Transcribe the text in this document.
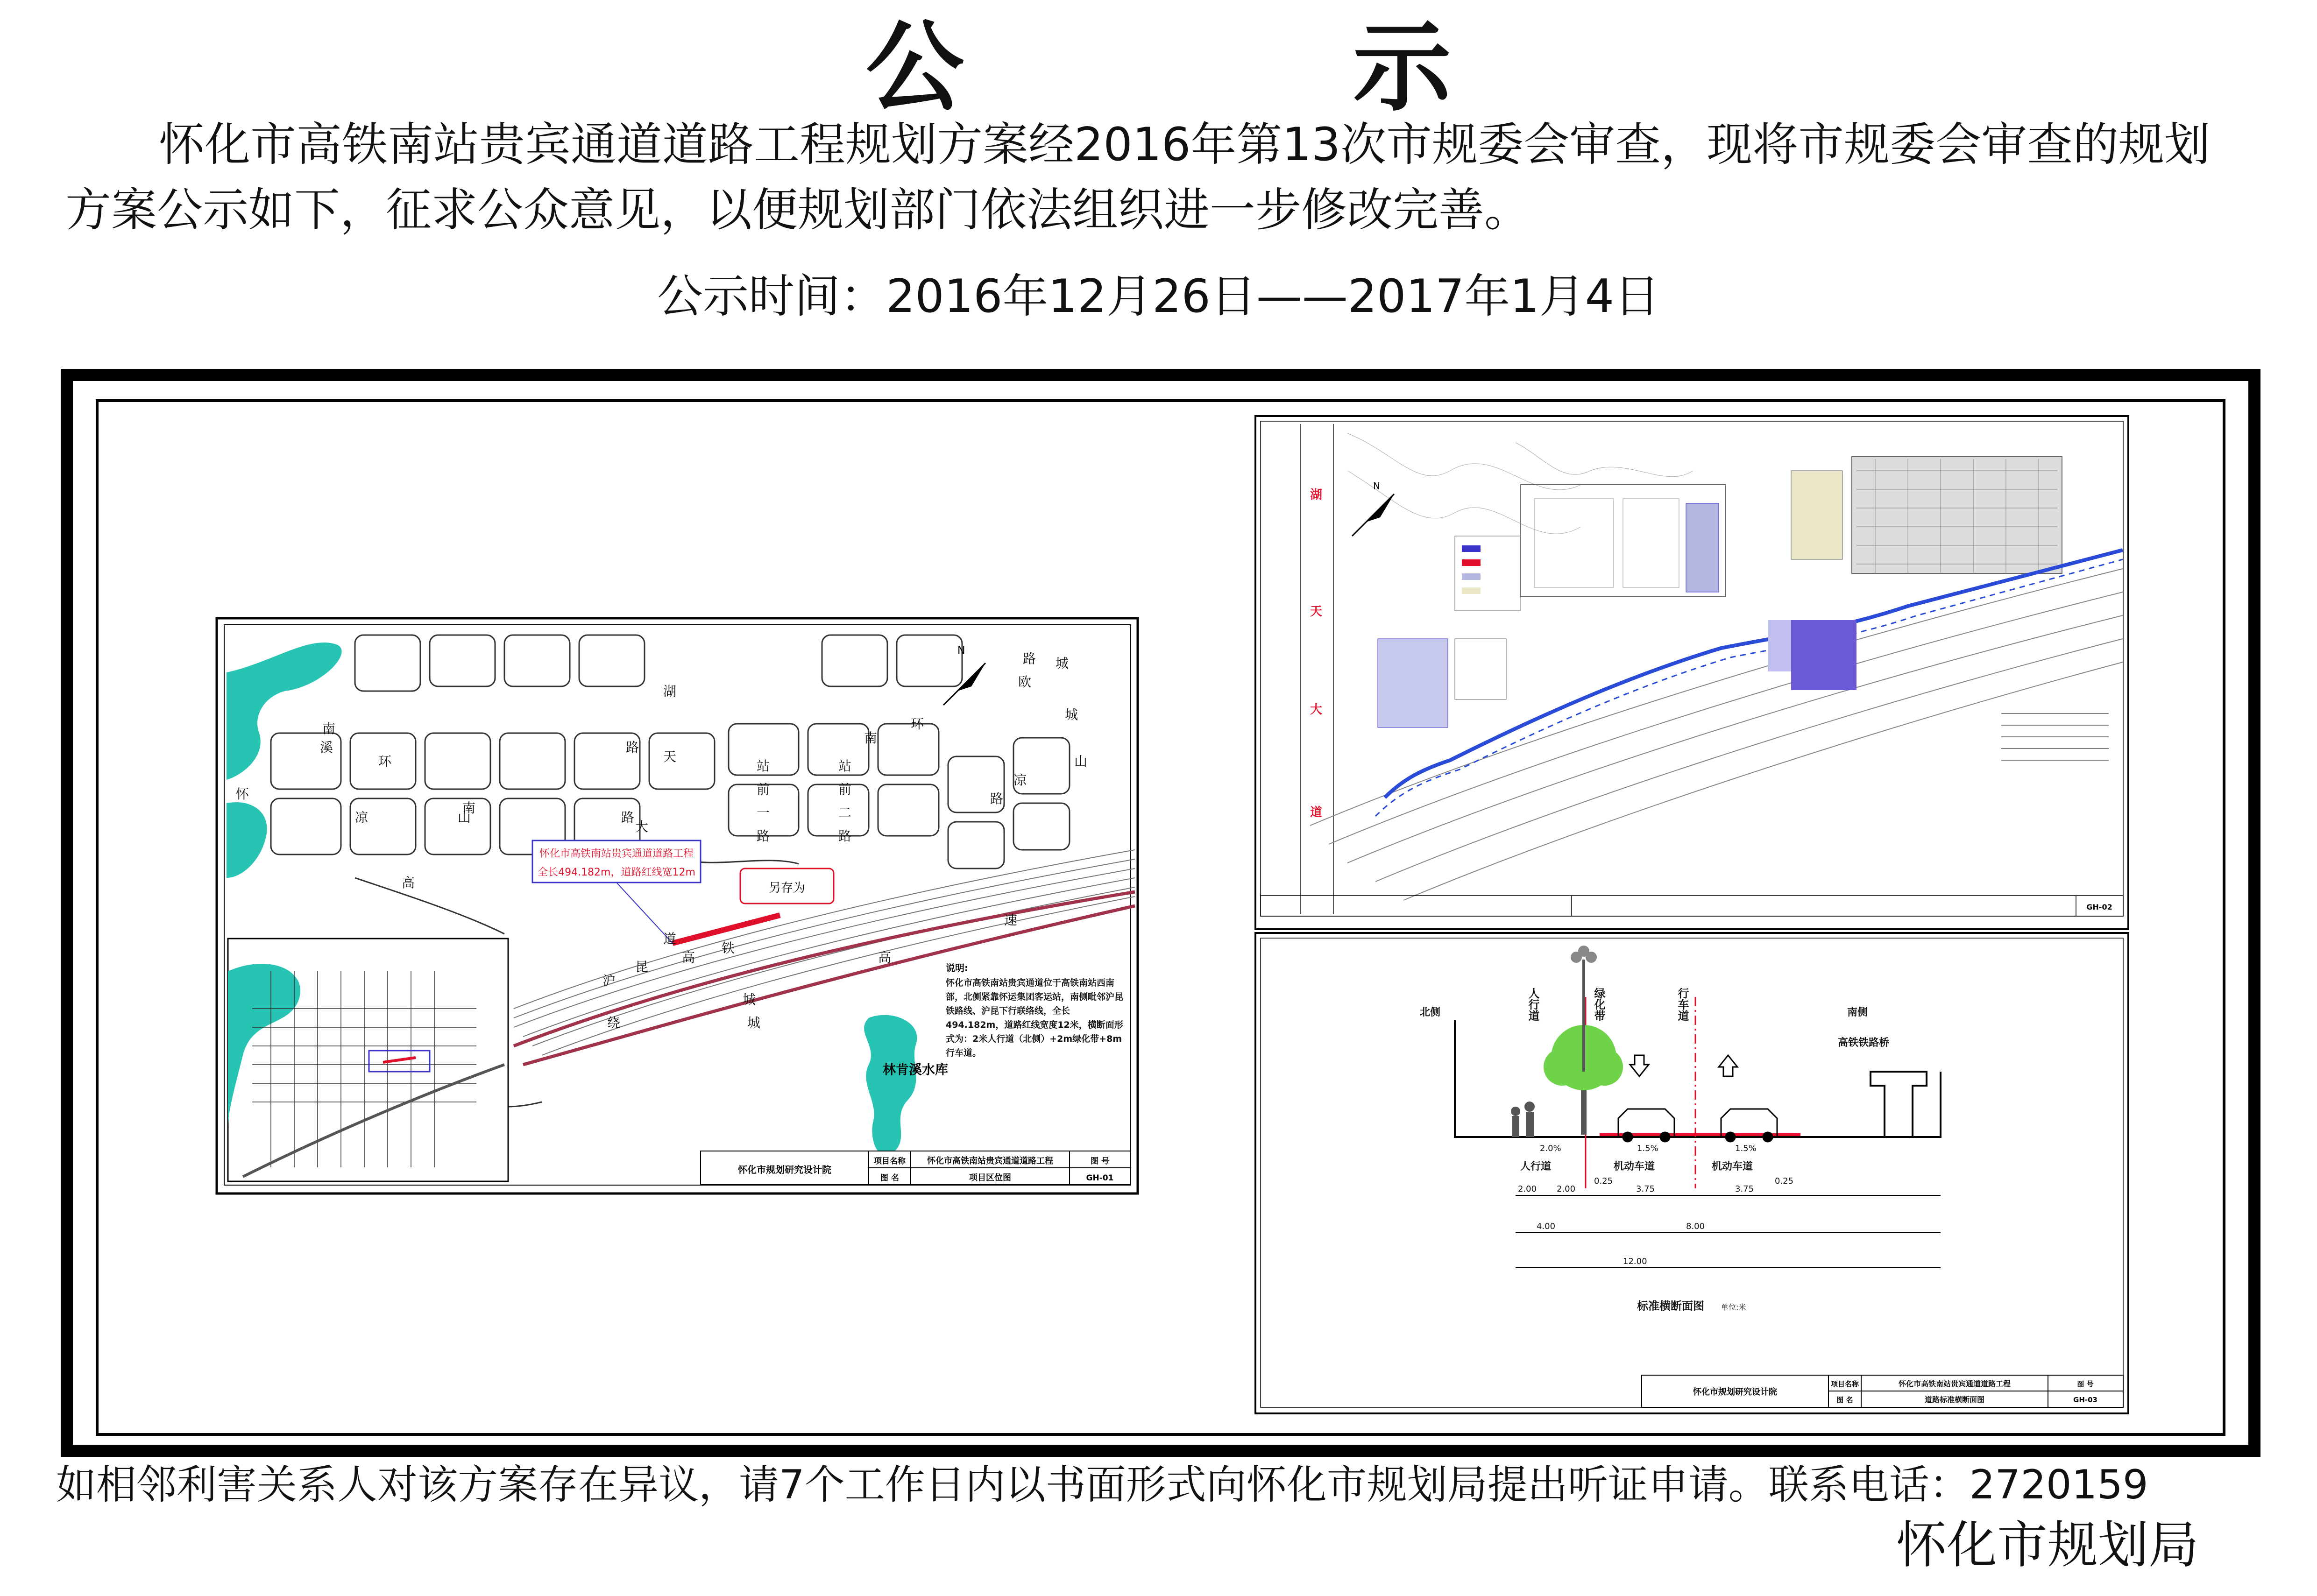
公 示
怀化市高铁南站贵宾通道道路工程规划方案经2016年第13次市规委会审查，现将市规委会审查的规划
方案公示如下，征求公众意见，以便规划部门依法组织进一步修改完善。
公示时间：2016年12月26日——2017年1月4日
另存为
怀化市高铁南站贵宾通道道路工程
全长494.182m，道路红线宽12m
林肯溪水库
湖
天
路
大
南
环
路
站
前
一
路
站
前
二
路
南
环
路
欧
城
城
山
凉
路
溪
南
怀
凉	山
高
道
高
铁
沪
昆
绕
城
高
速
城
N
说明:
怀化市高铁南站贵宾通道位于高铁南站西南部，北侧紧靠怀运集团客运站，南侧毗邻沪昆铁路线、沪昆下行联络线，全长494.182m，道路红线宽度12米，横断面形式为：2米人行道（北侧）+2m绿化带+8m行车道。
怀化市规划研究设计院
项目名称	怀化市高铁南站贵宾通道道路工程	图 号
图 名	项目区位图	GH-01
湖
天
大
道
N
GH-02
北侧	南侧
高铁铁路桥
人行道	机动车道	机动车道
标准横断面图 单位:米
人行道	绿化带	行车道
2.0%	1.5%	1.5%
2.00 2.00
0.25
3.75	3.75
0.25
4.00	8.00
12.00
怀化市规划研究设计院
项目名称	怀化市高铁南站贵宾通道道路工程	图 号
图 名	道路标准横断面图	GH-03
如相邻利害关系人对该方案存在异议，请7个工作日内以书面形式向怀化市规划局提出听证申请。联系电话：2720159
怀化市规划局
